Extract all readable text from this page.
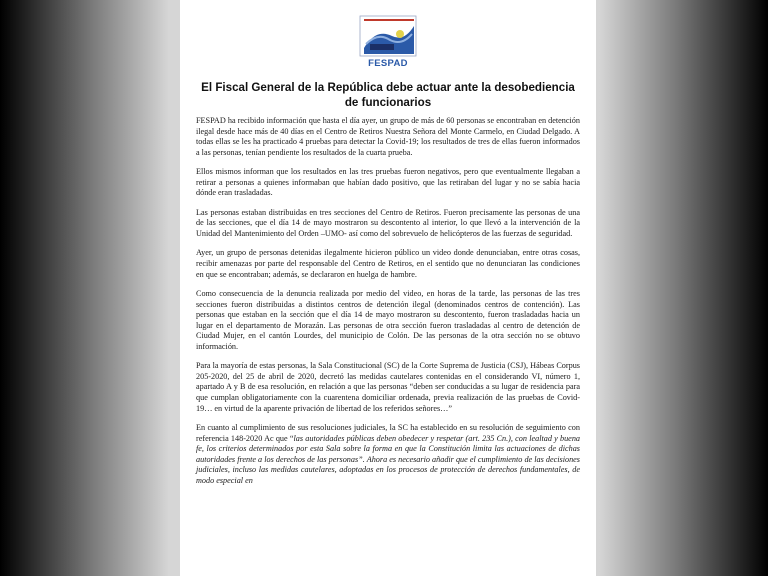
FESPAD
El Fiscal General de la República debe actuar ante la desobediencia de funcionarios

FESPAD ha recibido información que hasta el día ayer, un grupo de más de 60 personas se encontraban en detención ilegal desde hace más de 40 días en el Centro de Retiros Nuestra Señora del Monte Carmelo, en Ciudad Delgado. A todas ellas se les ha practicado 4 pruebas para detectar la Covid-19; los resultados de tres de ellas fueron informados a las personas, tenían pendiente los resultados de la cuarta prueba.

Ellos mismos informan que los resultados en las tres pruebas fueron negativos, pero que eventualmente llegaban a retirar a personas a quienes informaban que habían dado positivo, que las retiraban del lugar y no se sabía hacia dónde eran trasladadas.

Las personas estaban distribuidas en tres secciones del Centro de Retiros. Fueron precisamente las personas de una de las secciones, que el día 14 de mayo mostraron su descontento al interior, lo que llevó a la intervención de la Unidad del Mantenimiento del Orden –UMO- así como del sobrevuelo de helicópteros de las fuerzas de seguridad.

Ayer, un grupo de personas detenidas ilegalmente hicieron público un video donde denunciaban, entre otras cosas, recibir amenazas por parte del responsable del Centro de Retiros, en el sentido que no denunciaran las condiciones en que se encontraban; además, se declararon en huelga de hambre.

Como consecuencia de la denuncia realizada por medio del video, en horas de la tarde, las personas de las tres secciones fueron distribuidas a distintos centros de detención ilegal (denominados centros de contención). Las personas que estaban en la sección que el día 14 de mayo mostraron su descontento, fueron trasladadas hacia un lugar en el departamento de Morazán. Las personas de otra sección fueron trasladadas al centro de detención de Ciudad Mujer, en el cantón Lourdes, del municipio de Colón. De las personas de la otra sección no se obtuvo información.

Para la mayoría de estas personas, la Sala Constitucional (SC) de la Corte Suprema de Justicia (CSJ), Hábeas Corpus 205-2020, del 25 de abril de 2020, decretó las medidas cautelares contenidas en el considerando VI, número 1, apartado A y B de esa resolución, en relación a que las personas “deben ser conducidas a su lugar de residencia para que cumplan obligatoriamente con la cuarentena domiciliar ordenada, previa realización de las pruebas de Covid-19… en virtud de la aparente privación de libertad de los referidos señores…”

En cuanto al cumplimiento de sus resoluciones judiciales, la SC ha establecido en su resolución de seguimiento con referencia 148-2020 Ac que “las autoridades públicas deben obedecer y respetar (art. 235 Cn.), con lealtad y buena fe, los criterios determinados por esta Sala sobre la forma en que la Constitución limita las actuaciones de dichas autoridades frente a los derechos de las personas”. Ahora es necesario añadir que el cumplimiento de las decisiones judiciales, incluso las medidas cautelares, adoptadas en los procesos de protección de derechos fundamentales, de modo especial en
